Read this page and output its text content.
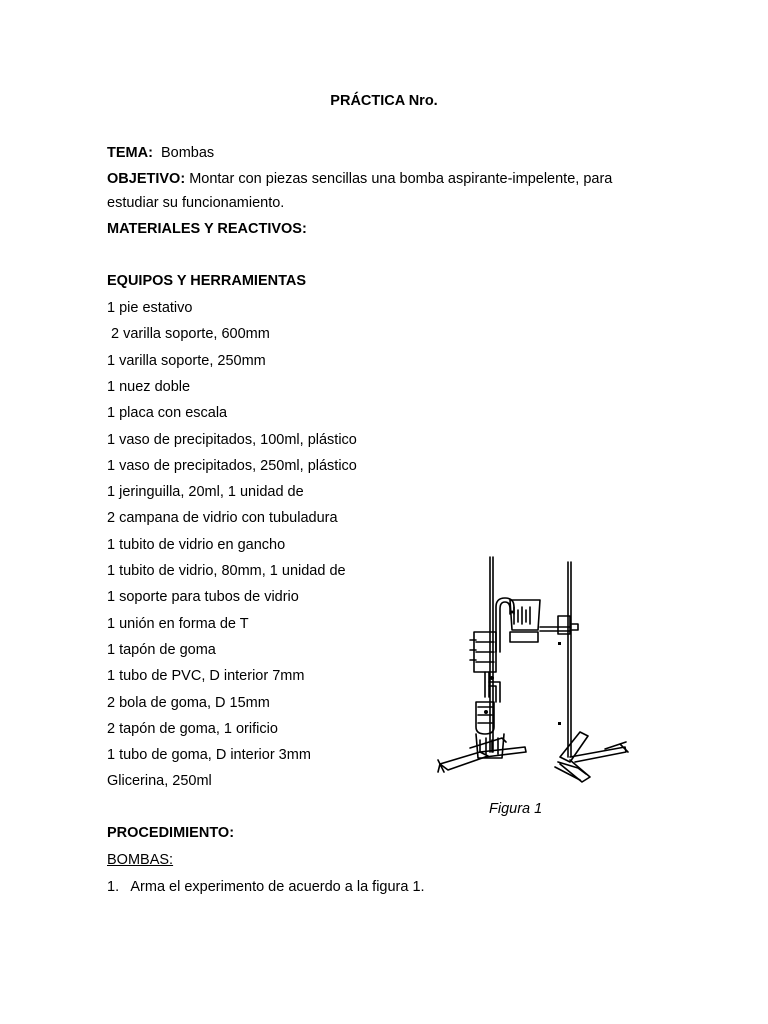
PRÁCTICA Nro.
TEMA: Bombas
OBJETIVO: Montar con piezas sencillas una bomba aspirante-impelente, para
estudiar su funcionamiento.
MATERIALES Y REACTIVOS:
EQUIPOS Y HERRAMIENTAS
1 pie estativo
2 varilla soporte, 600mm
1 varilla soporte, 250mm
1 nuez doble
1 placa con escala
1 vaso de precipitados, 100ml, plástico
1 vaso de precipitados, 250ml, plástico
1 jeringuilla, 20ml, 1 unidad de
2 campana de vidrio con tubuladura
1 tubito de vidrio en gancho
1 tubito de vidrio, 80mm, 1 unidad de
1 soporte para tubos de vidrio
1 unión en forma de T
1 tapón de goma
1 tubo de PVC, D interior 7mm
2 bola de goma, D 15mm
2 tapón de goma, 1 orificio
1 tubo de goma, D interior 3mm
Glicerina, 250ml
Figura 1
PROCEDIMIENTO:
BOMBAS:
1.   Arma el experimento de acuerdo a la figura 1.
